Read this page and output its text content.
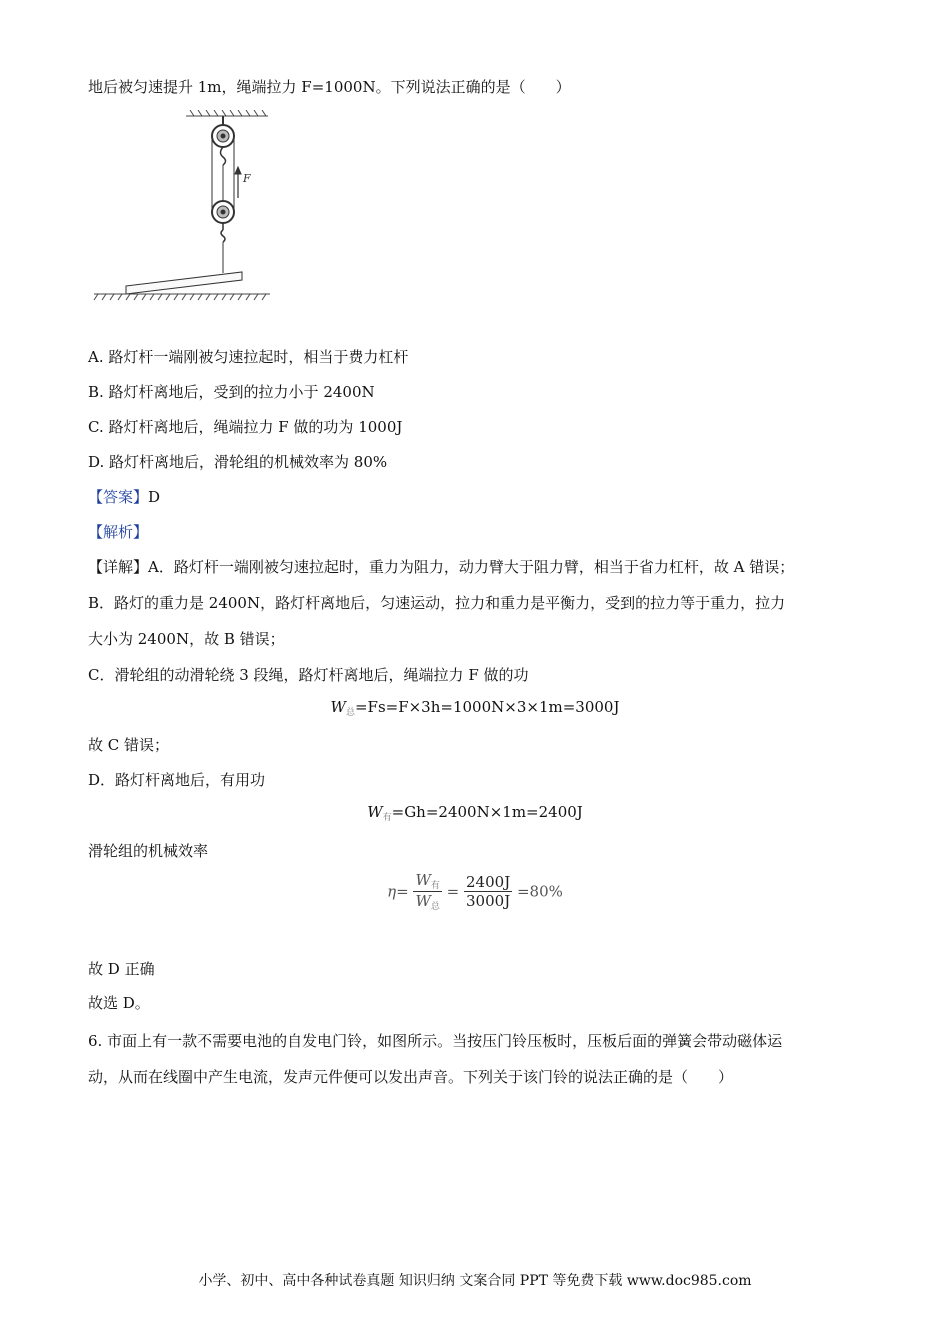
地后被匀速提升 1m，绳端拉力 F=1000N。下列说法正确的是（　　）
F
A. 路灯杆一端刚被匀速拉起时，相当于费力杠杆
B. 路灯杆离地后，受到的拉力小于 2400N
C. 路灯杆离地后，绳端拉力 F 做的功为 1000J
D. 路灯杆离地后，滑轮组的机械效率为 80%
【答案】D
【解析】
【详解】A．路灯杆一端刚被匀速拉起时，重力为阻力，动力臂大于阻力臂，相当于省力杠杆，故 A 错误；
B．路灯的重力是 2400N，路灯杆离地后，匀速运动，拉力和重力是平衡力，受到的拉力等于重力，拉力
大小为 2400N，故 B 错误；
C．滑轮组的动滑轮绕 3 段绳，路灯杆离地后，绳端拉力 F 做的功
$W_总=Fs=F\times 3h=1000N\times 3\times 1m=3000J$
故 C 错误；
D．路灯杆离地后，有用功
$W_有=Gh=2400N\times 1m=2400J$
滑轮组的机械效率
$\eta= \frac{W_有}{W_总} = \frac{2400J}{3000J} =80\%$
故 D 正确
故选 D。
6. 市面上有一款不需要电池的自发电门铃，如图所示。当按压门铃压板时，压板后面的弹簧会带动磁体运
动，从而在线圈中产生电流，发声元件便可以发出声音。下列关于该门铃的说法正确的是（　　）
小学、初中、高中各种试卷真题 知识归纳 文案合同 PPT 等免费下载 www.doc985.com
